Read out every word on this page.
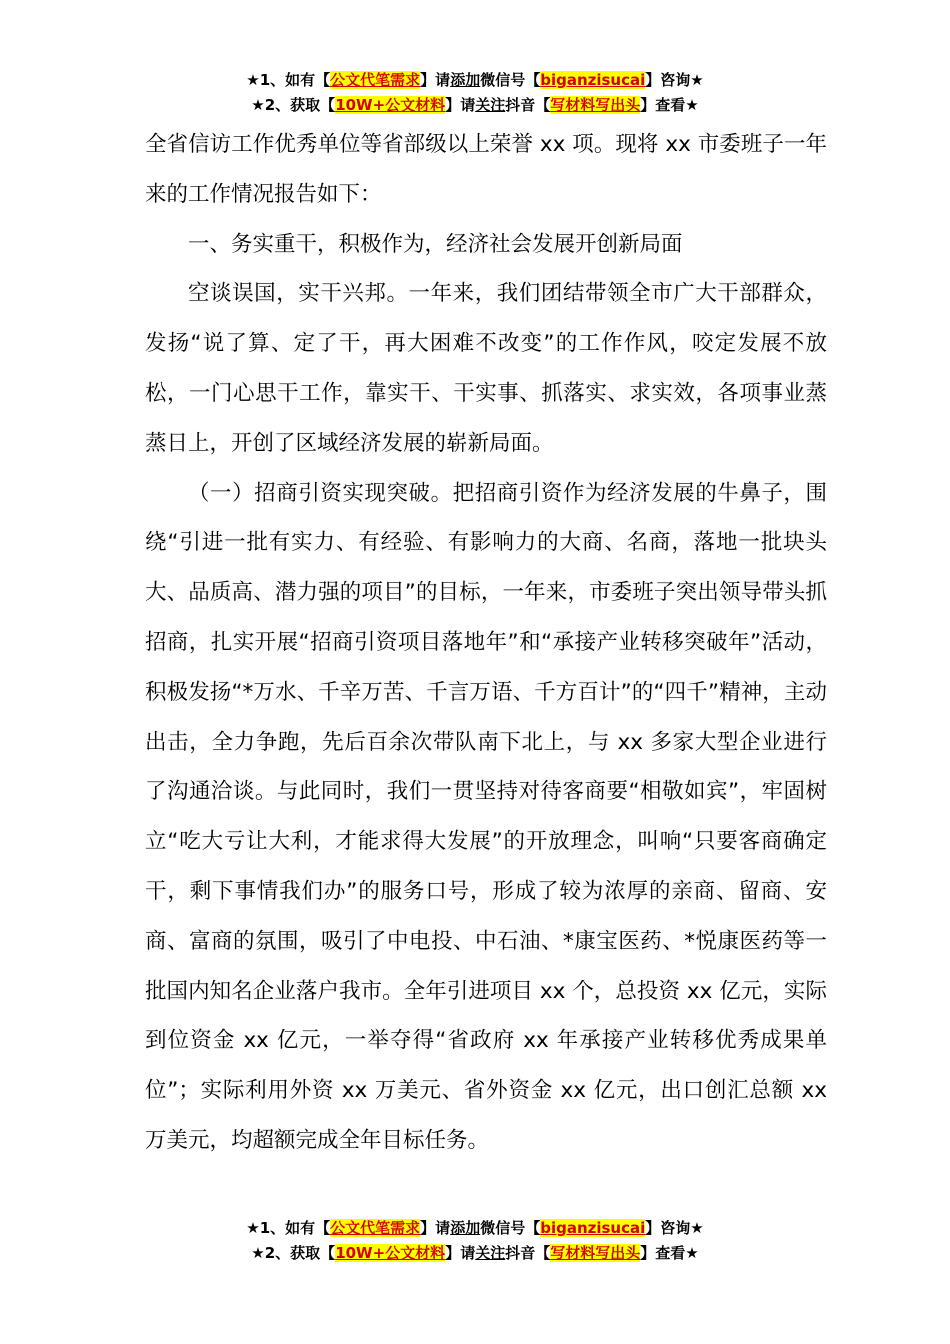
★1、如有【公文代笔需求】请添加微信号【biganzisucai】咨询★
★2、获取【10W+公文材料】请关注抖音【写材料写出头】查看★

全省信访工作优秀单位等省部级以上荣誉 xx 项。现将 xx 市委班子一年来的工作情况报告如下：

一、务实重干，积极作为，经济社会发展开创新局面

空谈误国，实干兴邦。一年来，我们团结带领全市广大干部群众，发扬“说了算、定了干，再大困难不改变”的工作作风，咬定发展不放松，一门心思干工作，靠实干、干实事、抓落实、求实效，各项事业蒸蒸日上，开创了区域经济发展的崭新局面。

（一）招商引资实现突破。把招商引资作为经济发展的牛鼻子，围绕“引进一批有实力、有经验、有影响力的大商、名商，落地一批块头大、品质高、潜力强的项目”的目标，一年来，市委班子突出领导带头抓招商，扎实开展“招商引资项目落地年”和“承接产业转移突破年”活动，积极发扬“*万水、千辛万苦、千言万语、千方百计”的“四千”精神，主动出击，全力争跑，先后百余次带队南下北上，与 xx 多家大型企业进行了沟通洽谈。与此同时，我们一贯坚持对待客商要“相敬如宾”，牢固树立“吃大亏让大利，才能求得大发展”的开放理念，叫响“只要客商确定干，剩下事情我们办”的服务口号，形成了较为浓厚的亲商、留商、安商、富商的氛围，吸引了中电投、中石油、*康宝医药、*悦康医药等一批国内知名企业落户我市。全年引进项目 xx 个，总投资 xx 亿元，实际到位资金 xx 亿元，一举夺得“省政府 xx 年承接产业转移优秀成果单位”；实际利用外资 xx 万美元、省外资金 xx 亿元，出口创汇总额 xx 万美元，均超额完成全年目标任务。

★1、如有【公文代笔需求】请添加微信号【biganzisucai】咨询★
★2、获取【10W+公文材料】请关注抖音【写材料写出头】查看★
